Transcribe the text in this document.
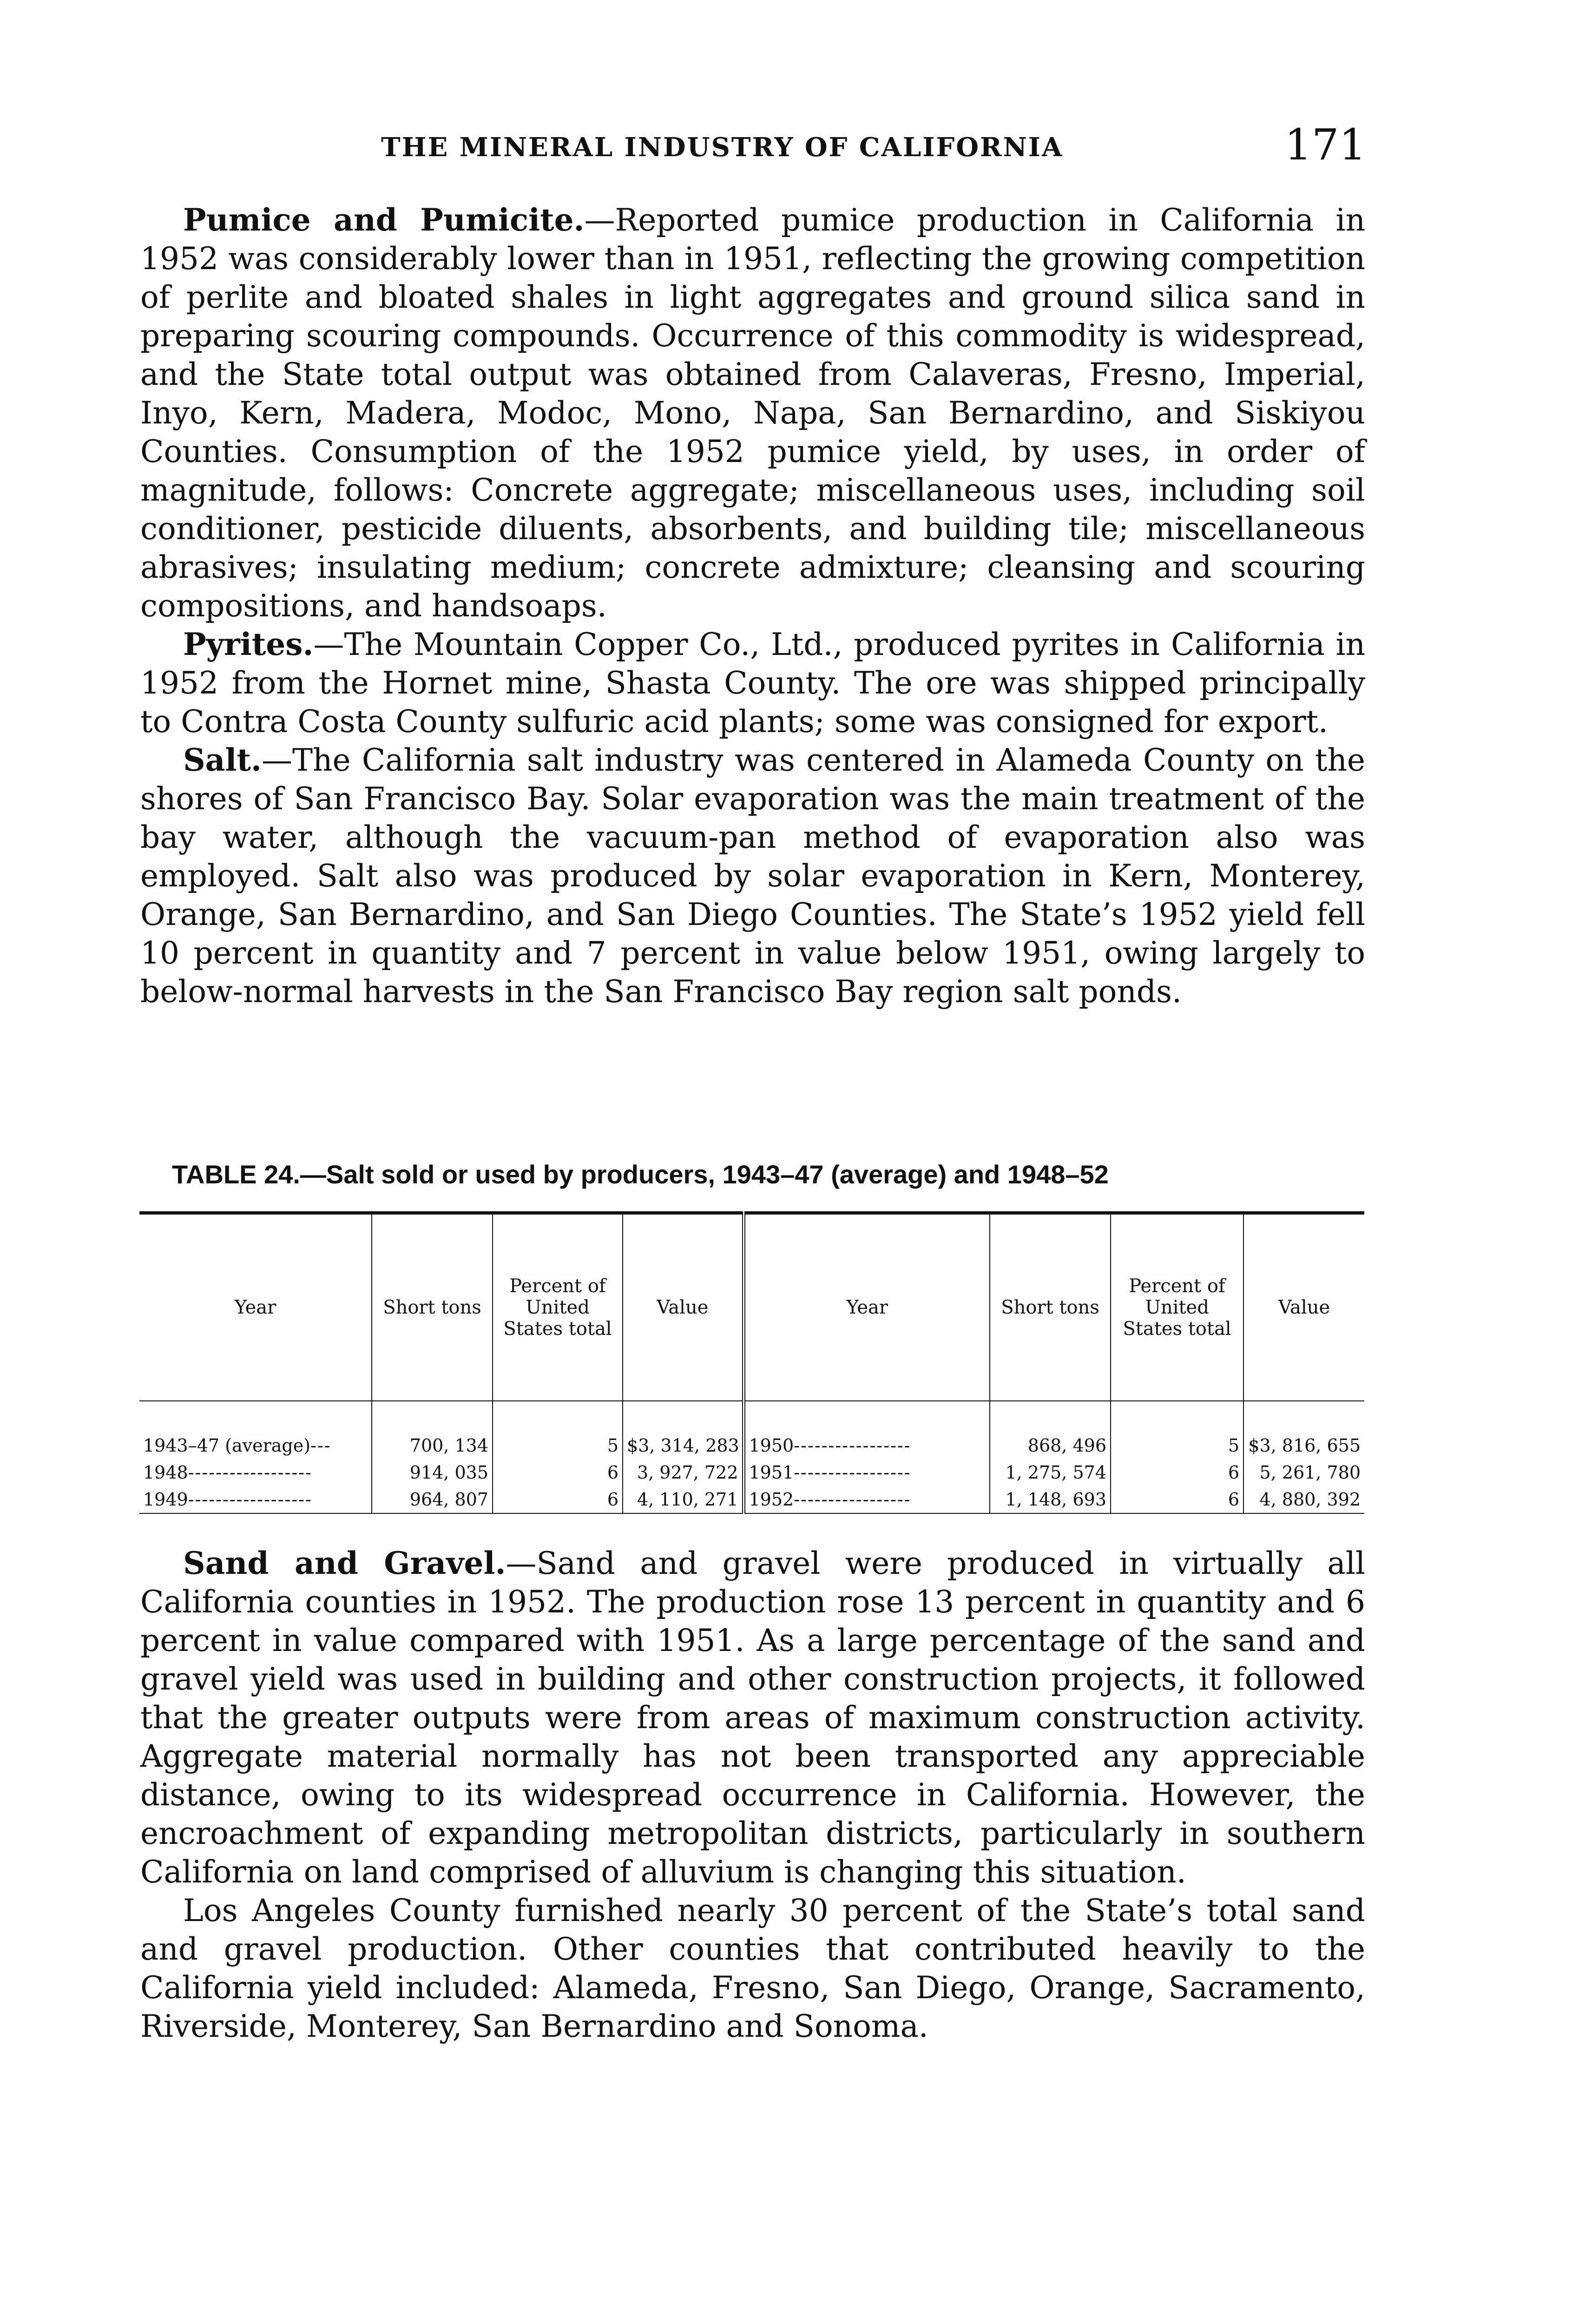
THE MINERAL INDUSTRY OF CALIFORNIA	171

Pumice and Pumicite.—Reported pumice production in California in 1952 was considerably lower than in 1951, reflecting the growing competition of perlite and bloated shales in light aggregates and ground silica sand in preparing scouring compounds. Occurrence of this commodity is widespread, and the State total output was obtained from Calaveras, Fresno, Imperial, Inyo, Kern, Madera, Modoc, Mono, Napa, San Bernardino, and Siskiyou Counties. Consumption of the 1952 pumice yield, by uses, in order of magnitude, follows: Concrete aggregate; miscellaneous uses, including soil conditioner, pesticide diluents, absorbents, and building tile; miscellaneous abrasives; insulating medium; concrete admixture; cleansing and scouring compositions, and handsoaps.

Pyrites.—The Mountain Copper Co., Ltd., produced pyrites in California in 1952 from the Hornet mine, Shasta County. The ore was shipped principally to Contra Costa County sulfuric acid plants; some was consigned for export.

Salt.—The California salt industry was centered in Alameda County on the shores of San Francisco Bay. Solar evaporation was the main treatment of the bay water, although the vacuum-pan method of evaporation also was employed. Salt also was produced by solar evaporation in Kern, Monterey, Orange, San Bernardino, and San Diego Counties. The State’s 1952 yield fell 10 percent in quantity and 7 percent in value below 1951, owing largely to below-normal harvests in the San Francisco Bay region salt ponds.

TABLE 24.—Salt sold or used by producers, 1943–47 (average) and 1948–52
Year	Short tons	Percent of United States total	Value	Year	Short tons	Percent of United States total	Value
1943–47 (average)---	700, 134	5	$3, 314, 283	1950-----------------	868, 496	5	$3, 816, 655
1948------------------	914, 035	6	3, 927, 722	1951-----------------	1, 275, 574	6	5, 261, 780
1949------------------	964, 807	6	4, 110, 271	1952-----------------	1, 148, 693	6	4, 880, 392

Sand and Gravel.—Sand and gravel were produced in virtually all California counties in 1952. The production rose 13 percent in quantity and 6 percent in value compared with 1951. As a large percentage of the sand and gravel yield was used in building and other construction projects, it followed that the greater outputs were from areas of maximum construction activity. Aggregate material normally has not been transported any appreciable distance, owing to its widespread occurrence in California. However, the encroachment of expanding metropolitan districts, particularly in southern California on land comprised of alluvium is changing this situation.

Los Angeles County furnished nearly 30 percent of the State’s total sand and gravel production. Other counties that contributed heavily to the California yield included: Alameda, Fresno, San Diego, Orange, Sacramento, Riverside, Monterey, San Bernardino and Sonoma.
